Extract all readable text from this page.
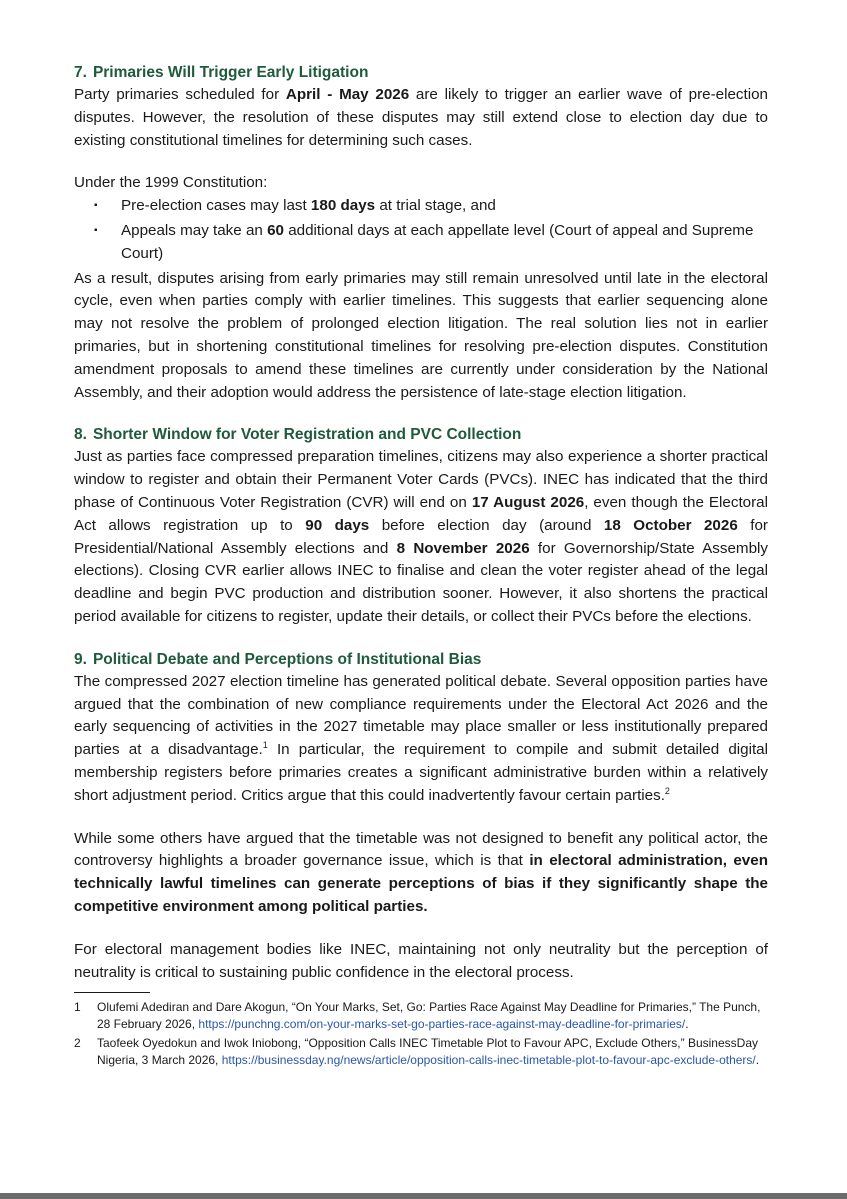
7. Primaries Will Trigger Early Litigation

Party primaries scheduled for April - May 2026 are likely to trigger an earlier wave of pre-election disputes. However, the resolution of these disputes may still extend close to election day due to existing constitutional timelines for determining such cases.

Under the 1999 Constitution:

▪ Pre-election cases may last 180 days at trial stage, and
▪ Appeals may take an 60 additional days at each appellate level (Court of appeal and Supreme Court)

As a result, disputes arising from early primaries may still remain unresolved until late in the electoral cycle, even when parties comply with earlier timelines. This suggests that earlier sequencing alone may not resolve the problem of prolonged election litigation. The real solution lies not in earlier primaries, but in shortening constitutional timelines for resolving pre-election disputes. Constitution amendment proposals to amend these timelines are currently under consideration by the National Assembly, and their adoption would address the persistence of late-stage election litigation.

8. Shorter Window for Voter Registration and PVC Collection

Just as parties face compressed preparation timelines, citizens may also experience a shorter practical window to register and obtain their Permanent Voter Cards (PVCs). INEC has indicated that the third phase of Continuous Voter Registration (CVR) will end on 17 August 2026, even though the Electoral Act allows registration up to 90 days before election day (around 18 October 2026 for Presidential/National Assembly elections and 8 November 2026 for Governorship/State Assembly elections). Closing CVR earlier allows INEC to finalise and clean the voter register ahead of the legal deadline and begin PVC production and distribution sooner. However, it also shortens the practical period available for citizens to register, update their details, or collect their PVCs before the elections.

9. Political Debate and Perceptions of Institutional Bias

The compressed 2027 election timeline has generated political debate. Several opposition parties have argued that the combination of new compliance requirements under the Electoral Act 2026 and the early sequencing of activities in the 2027 timetable may place smaller or less institutionally prepared parties at a disadvantage.$^1$ In particular, the requirement to compile and submit detailed digital membership registers before primaries creates a significant administrative burden within a relatively short adjustment period. Critics argue that this could inadvertently favour certain parties.$^2$

While some others have argued that the timetable was not designed to benefit any political actor, the controversy highlights a broader governance issue, which is that in electoral administration, even technically lawful timelines can generate perceptions of bias if they significantly shape the competitive environment among political parties.

For electoral management bodies like INEC, maintaining not only neutrality but the perception of neutrality is critical to sustaining public confidence in the electoral process.

1 Olufemi Adediran and Dare Akogun, “On Your Marks, Set, Go: Parties Race Against May Deadline for Primaries,” The Punch, 28 February 2026, https://punchng.com/on-your-marks-set-go-parties-race-against-may-deadline-for-primaries/.
2 Taofeek Oyedokun and Iwok Iniobong, “Opposition Calls INEC Timetable Plot to Favour APC, Exclude Others,” BusinessDay Nigeria, 3 March 2026, https://businessday.ng/news/article/opposition-calls-inec-timetable-plot-to-favour-apc-exclude-others/.
